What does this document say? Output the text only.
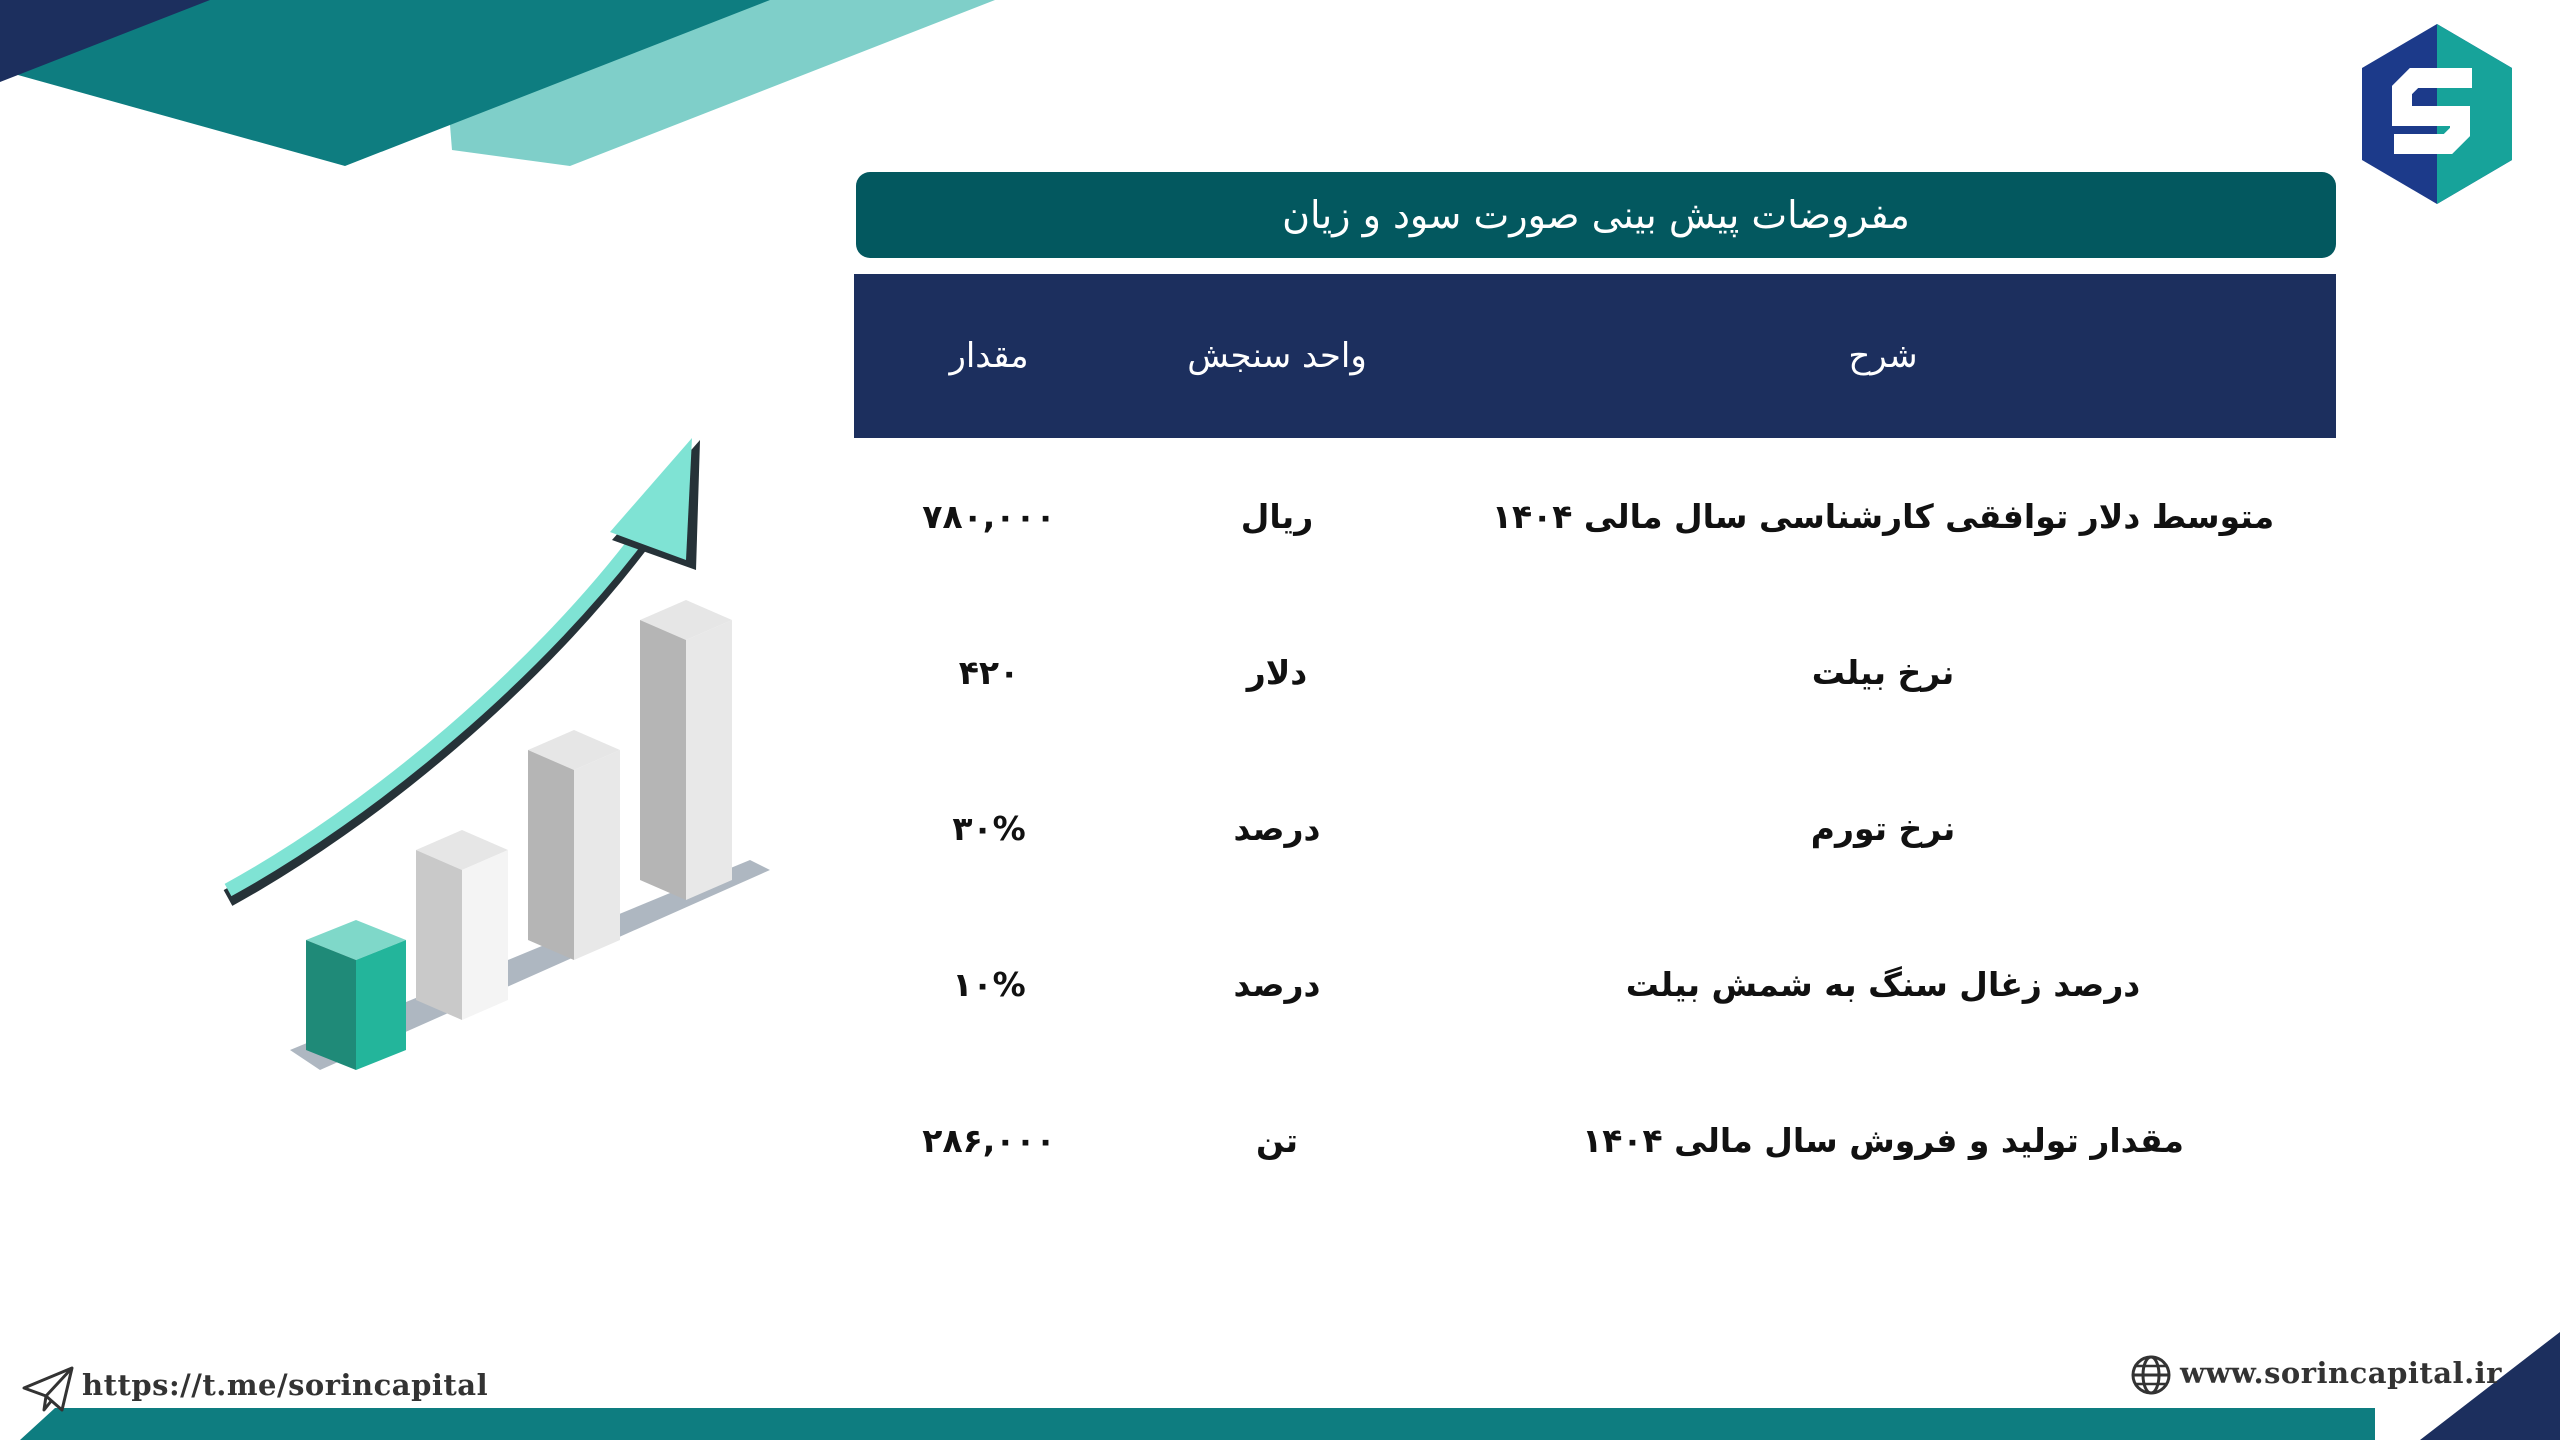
مفروضات پیش بینی صورت سود و زیان
شرح
واحد سنجش
مقدار
متوسط دلار توافقی کارشناسی سال مالی ۱۴۰۴
ریال
۷۸۰,۰۰۰
نرخ بیلت
دلار
۴۲۰
نرخ تورم
درصد
۳۰%
درصد زغال سنگ به شمش بیلت
درصد
۱۰%
مقدار تولید و فروش سال مالی ۱۴۰۴
تن
۲۸۶,۰۰۰
https://t.me/sorincapital	www.sorincapital.ir
